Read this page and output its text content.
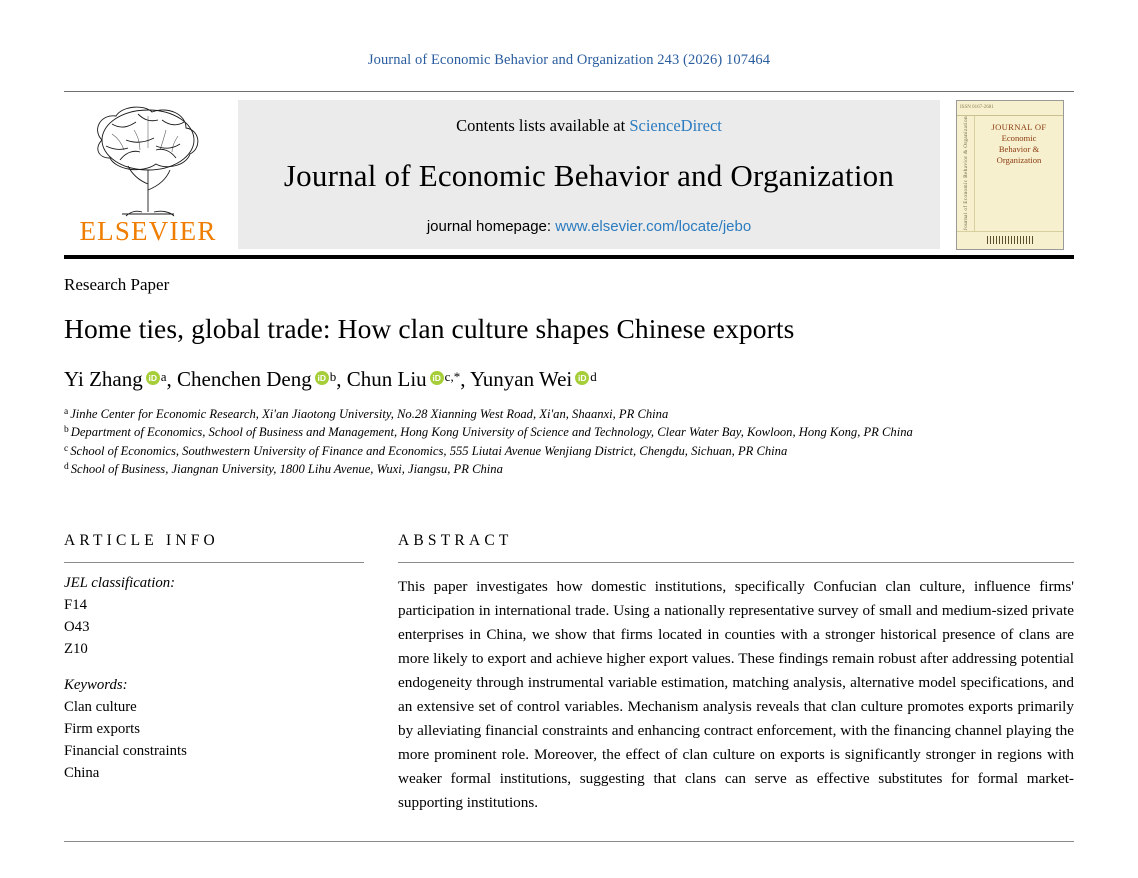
Journal of Economic Behavior and Organization 243 (2026) 107464
ELSEVIER
Contents lists available at ScienceDirect
Journal of Economic Behavior and Organization
journal homepage: www.elsevier.com/locate/jebo
ISSN 0167-2681
Journal of Economic Behavior & Organization	JOURNAL OF
Economic
Behavior &
Organization
Research Paper
Home ties, global trade: How clan culture shapes Chinese exports
Yi Zhang iD $^a$, Chenchen Deng iD $^b$, Chun Liu iD $^{c,*}$, Yunyan Wei iD $^d$
$^a$ Jinhe Center for Economic Research, Xi'an Jiaotong University, No.28 Xianning West Road, Xi'an, Shaanxi, PR China
$^b$ Department of Economics, School of Business and Management, Hong Kong University of Science and Technology, Clear Water Bay, Kowloon, Hong Kong, PR China
$^c$ School of Economics, Southwestern University of Finance and Economics, 555 Liutai Avenue Wenjiang District, Chengdu, Sichuan, PR China
$^d$ School of Business, Jiangnan University, 1800 Lihu Avenue, Wuxi, Jiangsu, PR China
ARTICLE INFO
JEL classification:
F14
O43
Z10
Keywords:
Clan culture
Firm exports
Financial constraints
China
ABSTRACT
This paper investigates how domestic institutions, specifically Confucian clan culture, influence firms' participation in international trade. Using a nationally representative survey of small and medium-sized private enterprises in China, we show that firms located in counties with a stronger historical presence of clans are more likely to export and achieve higher export values. These findings remain robust after addressing potential endogeneity through instrumental variable estimation, matching analysis, alternative model specifications, and an extensive set of control variables. Mechanism analysis reveals that clan culture promotes exports primarily by alleviating financial constraints and enhancing contract enforcement, with the financing channel playing the more prominent role. Moreover, the effect of clan culture on exports is significantly stronger in regions with weaker formal institutions, suggesting that clans can serve as effective substitutes for formal market-supporting institutions.
